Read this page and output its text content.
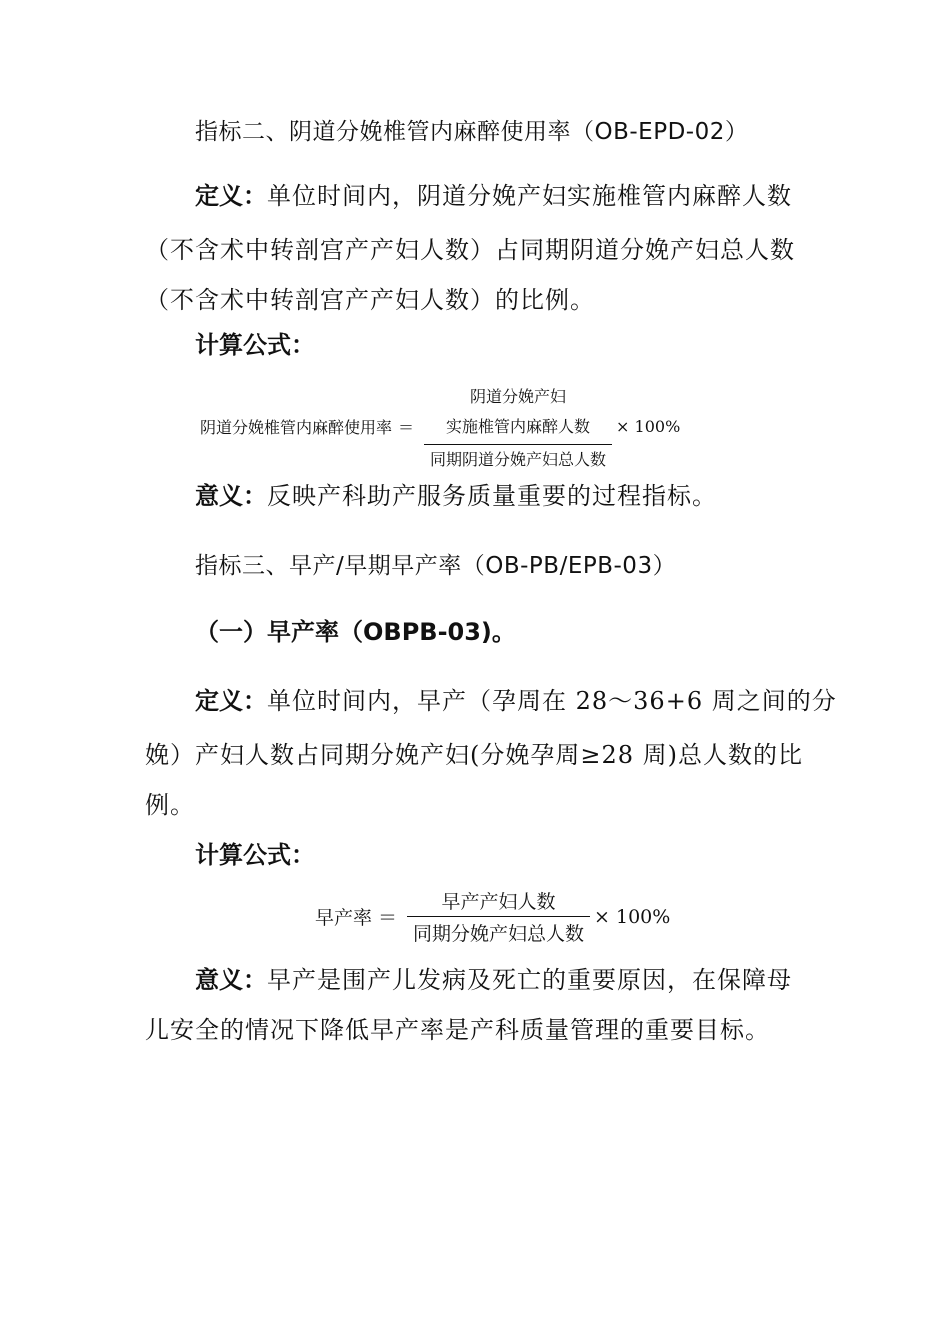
指标二、阴道分娩椎管内麻醉使用率（OB-EPD-02）
定义：单位时间内，阴道分娩产妇实施椎管内麻醉人数
（不含术中转剖宫产产妇人数）占同期阴道分娩产妇总人数
（不含术中转剖宫产产妇人数）的比例。
计算公式：
阴道分娩椎管内麻醉使用率 ＝ 阴道分娩产妇
实施椎管内麻醉人数
同期阴道分娩产妇总人数 × 100%
意义：反映产科助产服务质量重要的过程指标。
指标三、早产/早期早产率（OB-PB/EPB-03）
（一）早产率（OBPB-03)。
定义：单位时间内，早产（孕周在 28～36+6 周之间的分
娩）产妇人数占同期分娩产妇(分娩孕周≥28 周)总人数的比
例。
计算公式：
早产率 ＝ $\frac{\text{早产产妇人数}}{\text{同期分娩产妇总人数}} \times 100\%$
意义：早产是围产儿发病及死亡的重要原因，在保障母
儿安全的情况下降低早产率是产科质量管理的重要目标。
